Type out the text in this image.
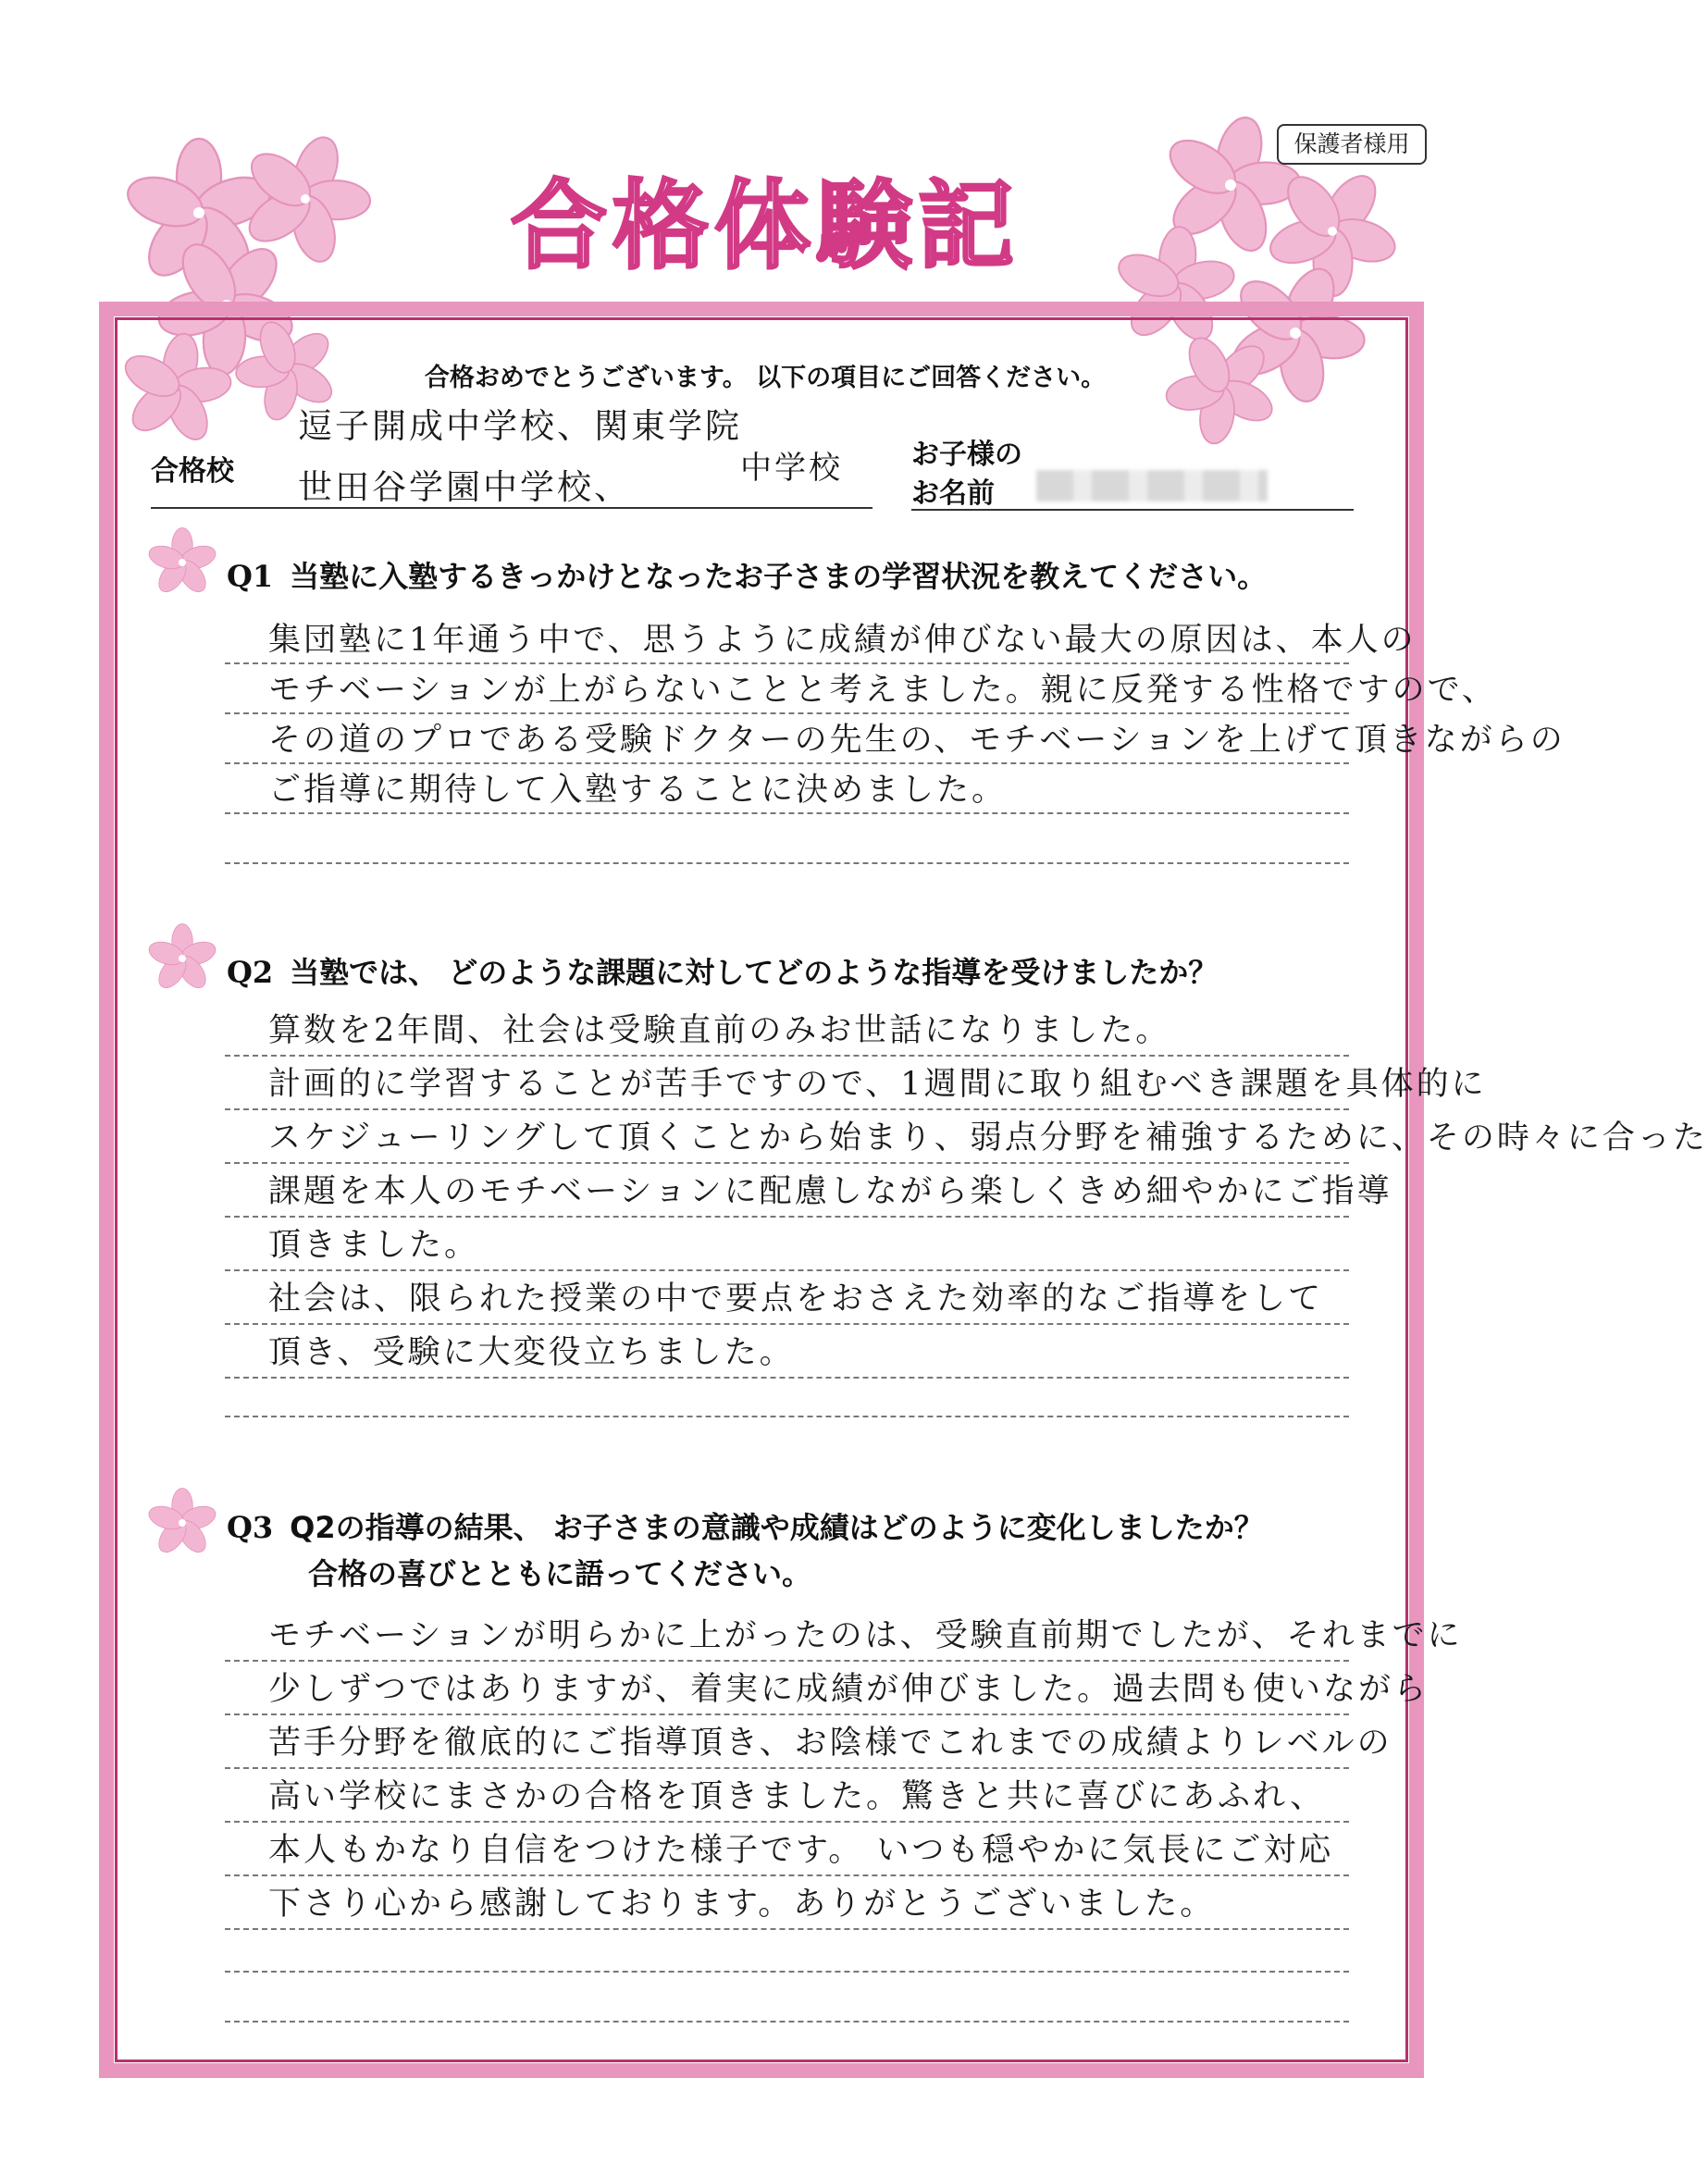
保護者様用
合格体験記
合格おめでとうございます。 以下の項目にご回答ください。
合格校
逗子開成中学校、関東学院
世田谷学園中学校、	中学校 お子様の
お名前
Q1 当塾に入塾するきっかけとなったお子さまの学習状況を教えてください。
集団塾に1年通う中で、思うように成績が伸びない最大の原因は、本人の
モチベーションが上がらないことと考えました。親に反発する性格ですので、
その道のプロである受験ドクターの先生の、モチベーションを上げて頂きながらの
ご指導に期待して入塾することに決めました。
Q2 当塾では、 どのような課題に対してどのような指導を受けましたか？
算数を2年間、社会は受験直前のみお世話になりました。
計画的に学習することが苦手ですので、1週間に取り組むべき課題を具体的に
スケジューリングして頂くことから始まり、弱点分野を補強するために、その時々に合った
課題を本人のモチベーションに配慮しながら楽しくきめ細やかにご指導
頂きました。
社会は、限られた授業の中で要点をおさえた効率的なご指導をして
頂き、受験に大変役立ちました。
Q3 Q2の指導の結果、 お子さまの意識や成績はどのように変化しましたか？
合格の喜びとともに語ってください。
モチベーションが明らかに上がったのは、受験直前期でしたが、それまでに
少しずつではありますが、着実に成績が伸びました。過去問も使いながら
苦手分野を徹底的にご指導頂き、お陰様でこれまでの成績よりレベルの
高い学校にまさかの合格を頂きました。驚きと共に喜びにあふれ、
本人もかなり自信をつけた様子です。 いつも穏やかに気長にご対応
下さり心から感謝しております。ありがとうございました。
